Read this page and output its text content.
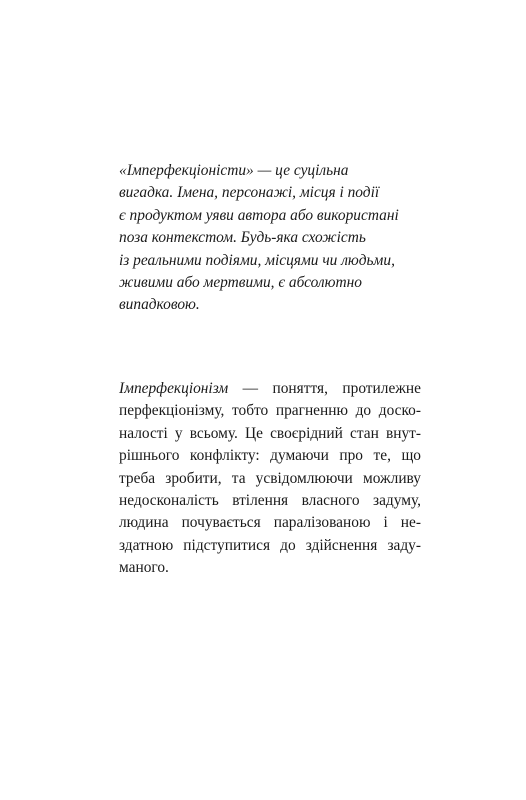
«Імперфекціоністи» — це суцільна
вигадка. Імена, персонажі, місця і події
є продуктом уяви автора або використані
поза контекстом. Будь-яка схожість
із реальними подіями, місцями чи людьми,
живими або мертвими, є абсолютно
випадковою.
Імперфекціонізм — поняття, протилежне
перфекціонізму, тобто прагненню до доско-
налості у всьому. Це своєрідний стан внут-
рішнього конфлікту: думаючи про те, що
треба зробити, та усвідомлюючи можливу
недосконалість втілення власного задуму,
людина почувається паралізованою і не-
здатною підступитися до здійснення заду-
маного.
